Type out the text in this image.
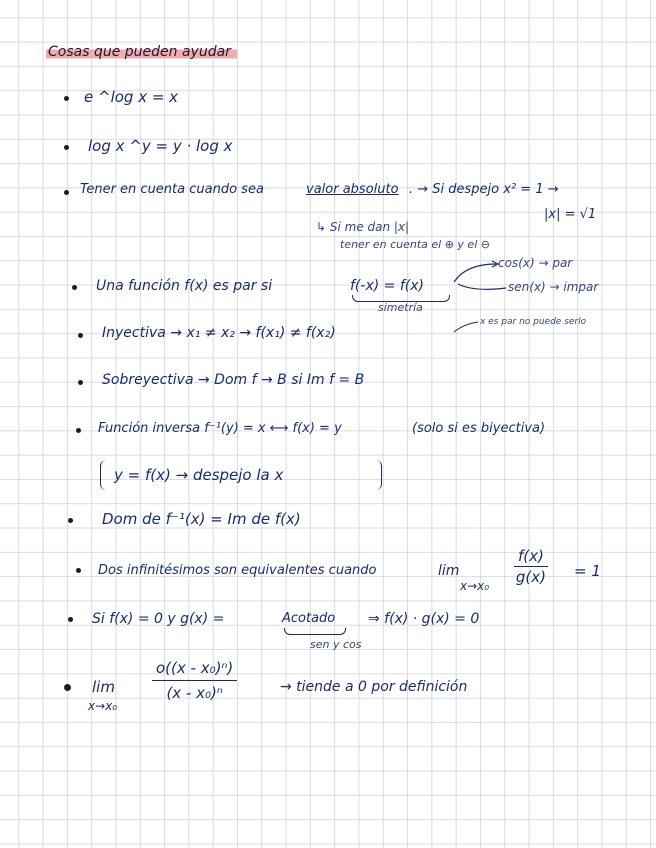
Cosas que pueden ayudar
e ^log x = x
log x ^y = y · log x
Tener en cuenta cuando sea	valor absoluto . → Si despejo x² = 1 →
|x| = √1
↳ Si me dan |x|
tener en cuenta el ⊕ y el ⊖
Una función f(x) es par si	f(-x) = f(x)
simetría
cos(x) → par
sen(x) → impar
Inyectiva → x₁ ≠ x₂ → f(x₁) ≠ f(x₂)
x es par no puede serlo
Sobreyectiva → Dom f → B si Im f = B
Función inversa f⁻¹(y) = x ⟷ f(x) = y	(solo si es biyectiva)
y = f(x) → despejo la x
Dom de f⁻¹(x) = Im de f(x)
Dos infinitésimos son equivalentes cuando	lim
$x\to x_0 \frac{f(x)}{g(x)} = 1$
Si f(x) = 0 y g(x) =	Acotado ⇒ f(x) · g(x) = 0
sen y cos
lim
x→x₀
$\frac{\text{o((x - x₀)ⁿ)}}{\text{(x - x₀)ⁿ}}$	→ tiende a 0 por definición
